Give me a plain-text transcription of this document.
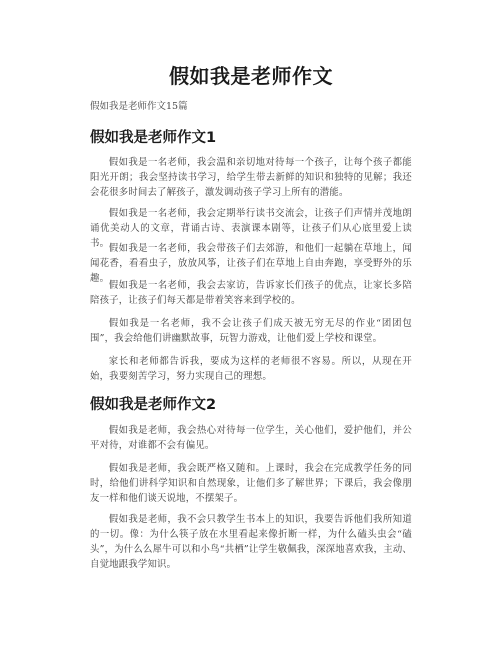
假如我是老师作文
假如我是老师作文15篇
假如我是老师作文1

假如我是一名老师，我会温和亲切地对待每一个孩子，让每个孩子都能阳光开朗；我会坚持读书学习，给学生带去新鲜的知识和独特的见解；我还会花很多时间去了解孩子，激发调动孩子学习上所有的潜能。

假如我是一名老师，我会定期举行读书交流会，让孩子们声情并茂地朗诵优美动人的文章，背诵古诗、表演课本剧等，让孩子们从心底里爱上读书。 假如我是一名老师，我会带孩子们去郊游，和他们一起躺在草地上，闻闻花香，看看虫子，放放风筝，让孩子们在草地上自由奔跑，享受野外的乐趣。

假如我是一名老师，我会去家访，告诉家长们孩子的优点，让家长多陪陪孩子，让孩子们每天都是带着笑容来到学校的。

假如我是一名老师，我不会让孩子们成天被无穷无尽的作业“团团包围”，我会给他们讲幽默故事，玩智力游戏，让他们爱上学校和课堂。

家长和老师都告诉我，要成为这样的老师很不容易。所以，从现在开始，我要刻苦学习，努力实现自己的理想。

假如我是老师作文2

假如我是老师，我会热心对待每一位学生，关心他们，爱护他们，并公平对待，对谁都不会有偏见。

假如我是老师，我会既严格又随和。上课时，我会在完成教学任务的同时，给他们讲科学知识和自然现象，让他们多了解世界；下课后，我会像朋友一样和他们谈天说地，不摆架子。

假如我是老师，我不会只教学生书本上的知识，我要告诉他们我所知道的一切。像：为什么筷子放在水里看起来像折断一样，为什么磕头虫会“磕头”，为什么么犀牛可以和小鸟“共栖”让学生敬佩我，深深地喜欢我，主动、自觉地跟我学知识。
